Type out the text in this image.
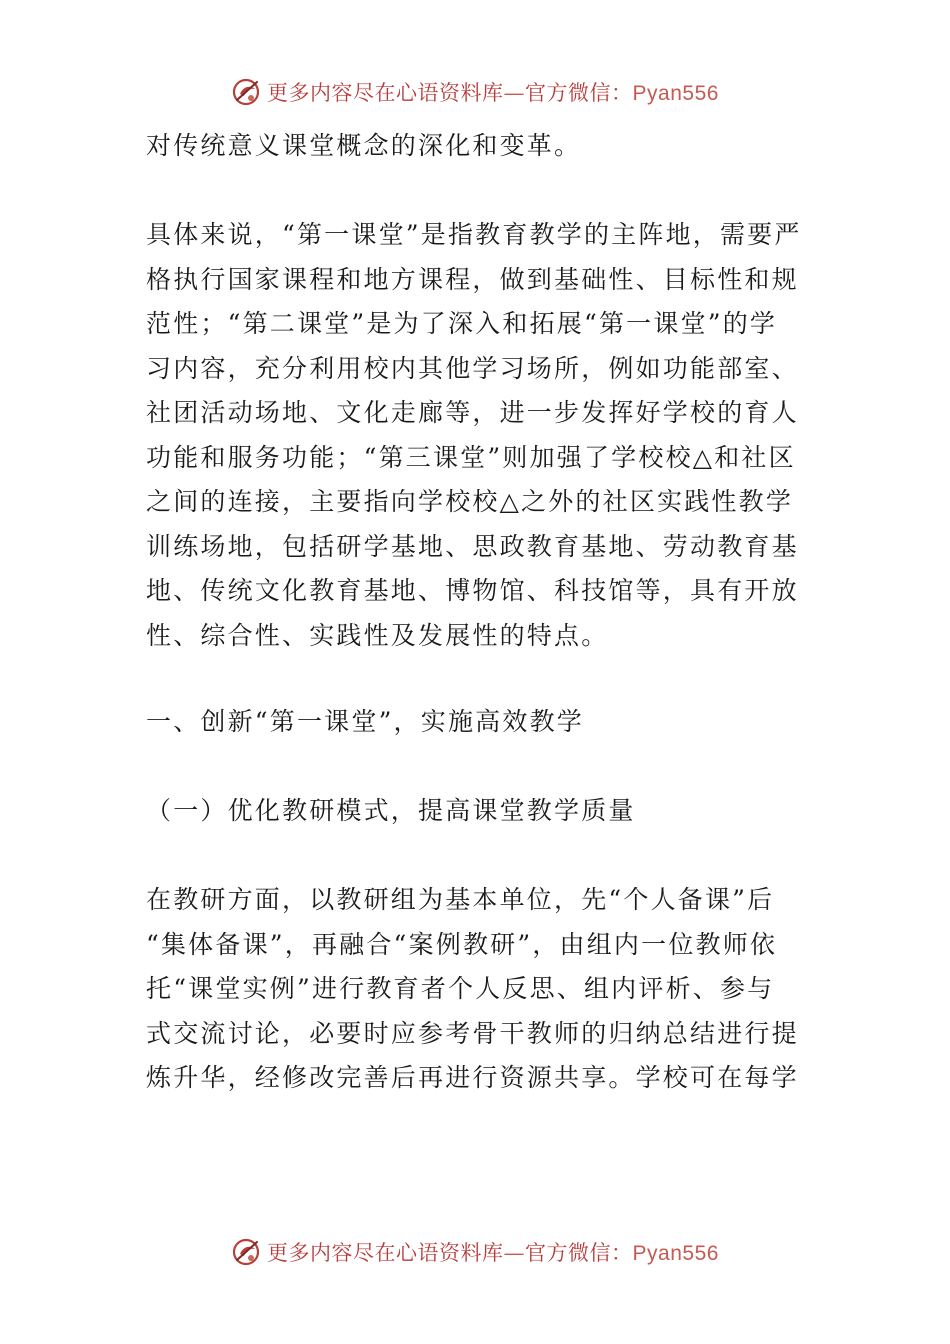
更多内容尽在心语资料库—官方微信：Pyan556
对传统意义课堂概念的深化和变革。
具体来说，“第一课堂”是指教育教学的主阵地，需要严
格执行国家课程和地方课程，做到基础性、目标性和规
范性；“第二课堂”是为了深入和拓展“第一课堂”的学
习内容，充分利用校内其他学习场所，例如功能部室、
社团活动场地、文化走廊等，进一步发挥好学校的育人
功能和服务功能；“第三课堂”则加强了学校校△和社区
之间的连接，主要指向学校校△之外的社区实践性教学
训练场地，包括研学基地、思政教育基地、劳动教育基
地、传统文化教育基地、博物馆、科技馆等，具有开放
性、综合性、实践性及发展性的特点。
一、创新“第一课堂”，实施高效教学
（一）优化教研模式，提高课堂教学质量
在教研方面，以教研组为基本单位，先“个人备课”后
“集体备课”，再融合“案例教研”，由组内一位教师依
托“课堂实例”进行教育者个人反思、组内评析、参与
式交流讨论，必要时应参考骨干教师的归纳总结进行提
炼升华，经修改完善后再进行资源共享。学校可在每学
更多内容尽在心语资料库—官方微信：Pyan556
